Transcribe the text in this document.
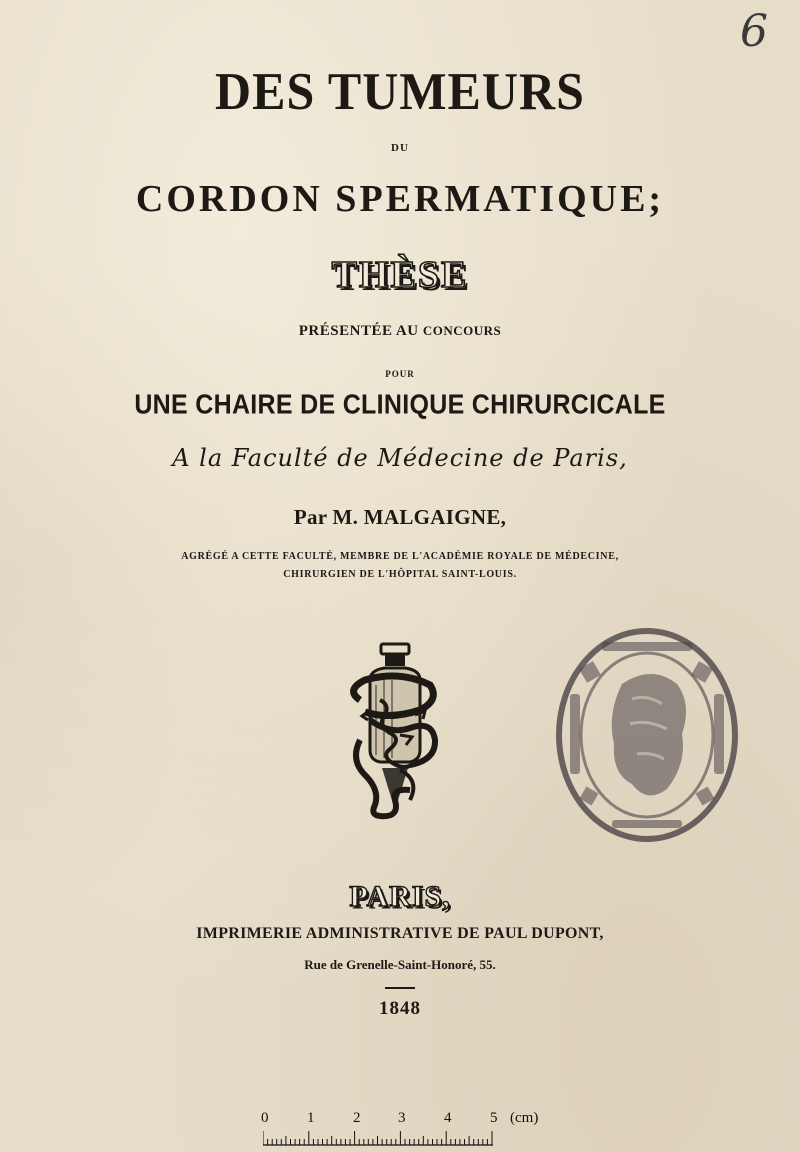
6
DES TUMEURS
DU
CORDON SPERMATIQUE;
THÈSE
PRÉSENTÉE AU CONCOURS
POUR
UNE CHAIRE DE CLINIQUE CHIRURCICALE
A la Faculté de Médecine de Paris,
Par M. MALGAIGNE,
AGRÉGÉ A CETTE FACULTÉ, MEMBRE DE L'ACADÉMIE ROYALE DE MÉDECINE,
CHIRURGIEN DE L'HÔPITAL SAINT-LOUIS.
PARIS,
IMPRIMERIE ADMINISTRATIVE DE PAUL DUPONT,
Rue de Grenelle-Saint-Honoré, 55.
1848
0	1	2	3	4	5 (cm)
